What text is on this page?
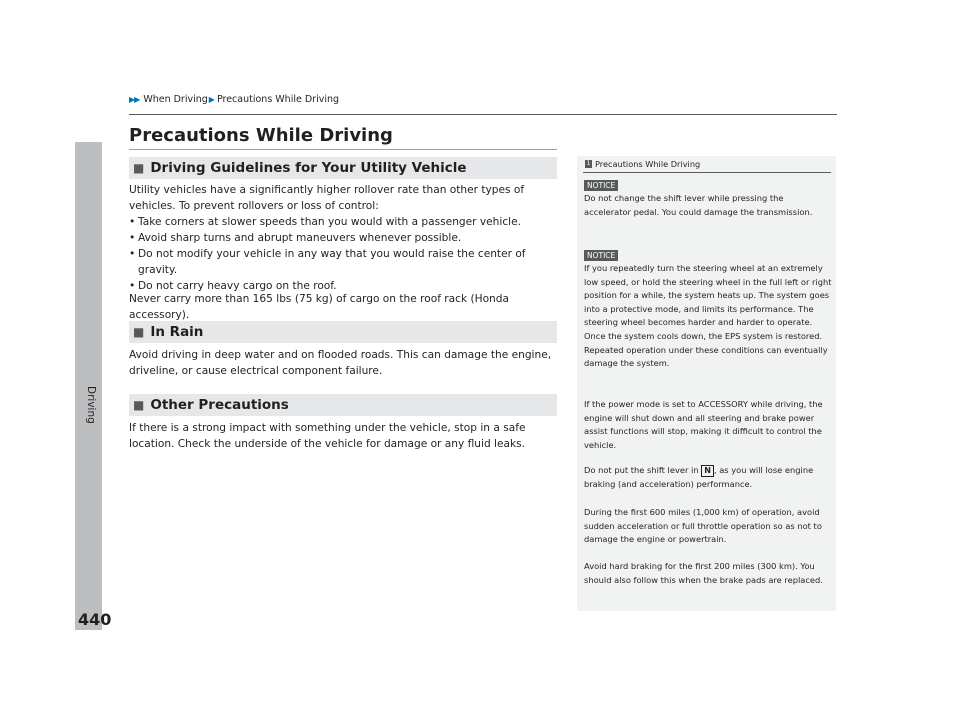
▶▶ When Driving ▶ Precautions While Driving
Driving
440
Precautions While Driving
■ Driving Guidelines for Your Utility Vehicle

Utility vehicles have a significantly higher rollover rate than other types of vehicles. To prevent rollovers or loss of control:

• Take corners at slower speeds than you would with a passenger vehicle.
• Avoid sharp turns and abrupt maneuvers whenever possible.
• Do not modify your vehicle in any way that you would raise the center of gravity.
• Do not carry heavy cargo on the roof.
Never carry more than 165 lbs (75 kg) of cargo on the roof rack (Honda accessory).
■ In Rain
Avoid driving in deep water and on flooded roads. This can damage the engine, driveline, or cause electrical component failure.
■ Other Precautions
If there is a strong impact with something under the vehicle, stop in a safe location. Check the underside of the vehicle for damage or any fluid leaks.
1 Precautions While Driving
NOTICE
Do not change the shift lever while pressing the accelerator pedal. You could damage the transmission.
NOTICE
If you repeatedly turn the steering wheel at an extremely low speed, or hold the steering wheel in the full left or right position for a while, the system heats up. The system goes into a protective mode, and limits its performance. The steering wheel becomes harder and harder to operate. Once the system cools down, the EPS system is restored. Repeated operation under these conditions can eventually damage the system.
If the power mode is set to ACCESSORY while driving, the engine will shut down and all steering and brake power assist functions will stop, making it difficult to control the vehicle.
Do not put the shift lever in N , as you will lose engine braking (and acceleration) performance.
During the first 600 miles (1,000 km) of operation, avoid sudden acceleration or full throttle operation so as not to damage the engine or powertrain.
Avoid hard braking for the first 200 miles (300 km). You should also follow this when the brake pads are replaced.
